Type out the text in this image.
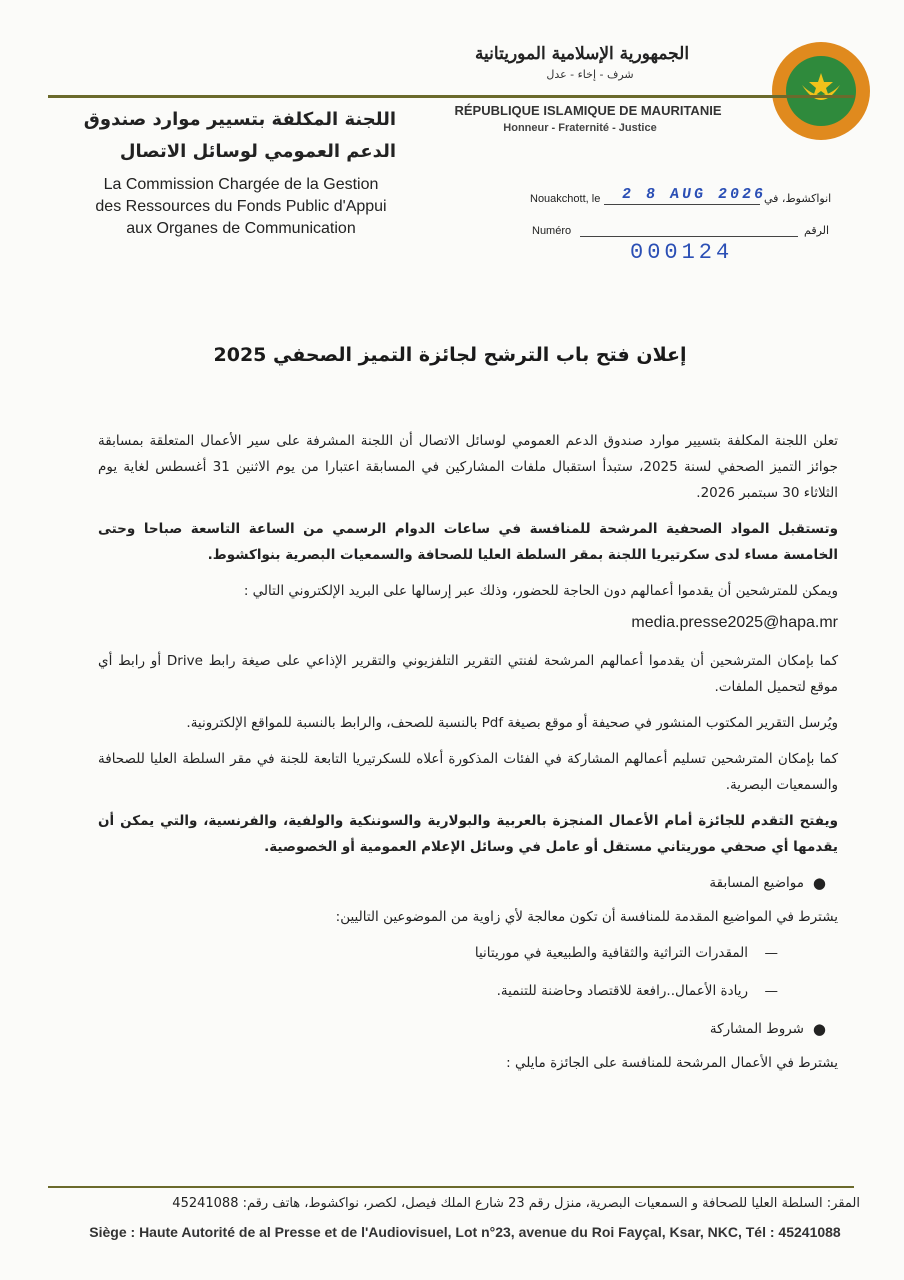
الجمهورية الإسلامية الموريتانية
شرف - إخاء - عدل
RÉPUBLIQUE ISLAMIQUE DE MAURITANIE
Honneur - Fraternité - Justice
اللجنة المكلفة بتسيير موارد صندوق
الدعم العمومي لوسائل الاتصال
La Commission Chargée de la Gestion
des Ressources du Fonds Public d'Appui
aux Organes de Communication
Nouakchott, le 2 8 AUG 2026
انواكشوط، في
Numéro	الرقم
000124
إعلان فتح باب الترشح لجائزة التميز الصحفي 2025

تعلن اللجنة المكلفة بتسيير موارد صندوق الدعم العمومي لوسائل الاتصال أن اللجنة المشرفة على سير الأعمال المتعلقة بمسابقة جوائز التميز الصحفي لسنة 2025، ستبدأ استقبال ملفات المشاركين في المسابقة اعتبارا من يوم الاثنين 31 أغسطس لغاية يوم الثلاثاء 30 سبتمبر 2026.

وتستقبل المواد الصحفية المرشحة للمنافسة في ساعات الدوام الرسمي من الساعة التاسعة صباحا وحتى الخامسة مساء لدى سكرتيريا اللجنة بمقر السلطة العليا للصحافة والسمعيات البصرية بنواكشوط.

ويمكن للمترشحين أن يقدموا أعمالهم دون الحاجة للحضور، وذلك عبر إرسالها على البريد الإلكتروني التالي :

media.presse2025@hapa.mr

كما بإمكان المترشحين أن يقدموا أعمالهم المرشحة لفنتي التقرير التلفزيوني والتقرير الإذاعي على صيغة رابط Drive أو رابط أي موقع لتحميل الملفات.

ويُرسل التقرير المكتوب المنشور في صحيفة أو موقع بصيغة Pdf بالنسبة للصحف، والرابط بالنسبة للمواقع الإلكترونية.

كما بإمكان المترشحين تسليم أعمالهم المشاركة في الفئات المذكورة أعلاه للسكرتيريا التابعة للجنة في مقر السلطة العليا للصحافة والسمعيات البصرية.

ويفتح التقدم للجائزة أمام الأعمال المنجزة بالعربية والبولارية والسوننكية والولفية، والفرنسية، والتي يمكن أن يقدمها أي صحفي موريتاني مستقل أو عامل في وسائل الإعلام العمومية أو الخصوصية.

●
مواضيع المسابقة

يشترط في المواضيع المقدمة للمنافسة أن تكون معالجة لأي زاوية من الموضوعين التاليين:

—
المقدرات التراثية والثقافية والطبيعية في موريتانيا

—
ريادة الأعمال..رافعة للاقتصاد وحاضنة للتنمية.

●
شروط المشاركة

يشترط في الأعمال المرشحة للمنافسة على الجائزة مايلي :

المقر: السلطة العليا للصحافة و السمعيات البصرية، منزل رقم 23 شارع الملك فيصل، لكصر، نواكشوط، هاتف رقم: 45241088
Siège : Haute Autorité de al Presse et de l'Audiovisuel, Lot n°23, avenue du Roi Fayçal, Ksar, NKC, Tél : 45241088
